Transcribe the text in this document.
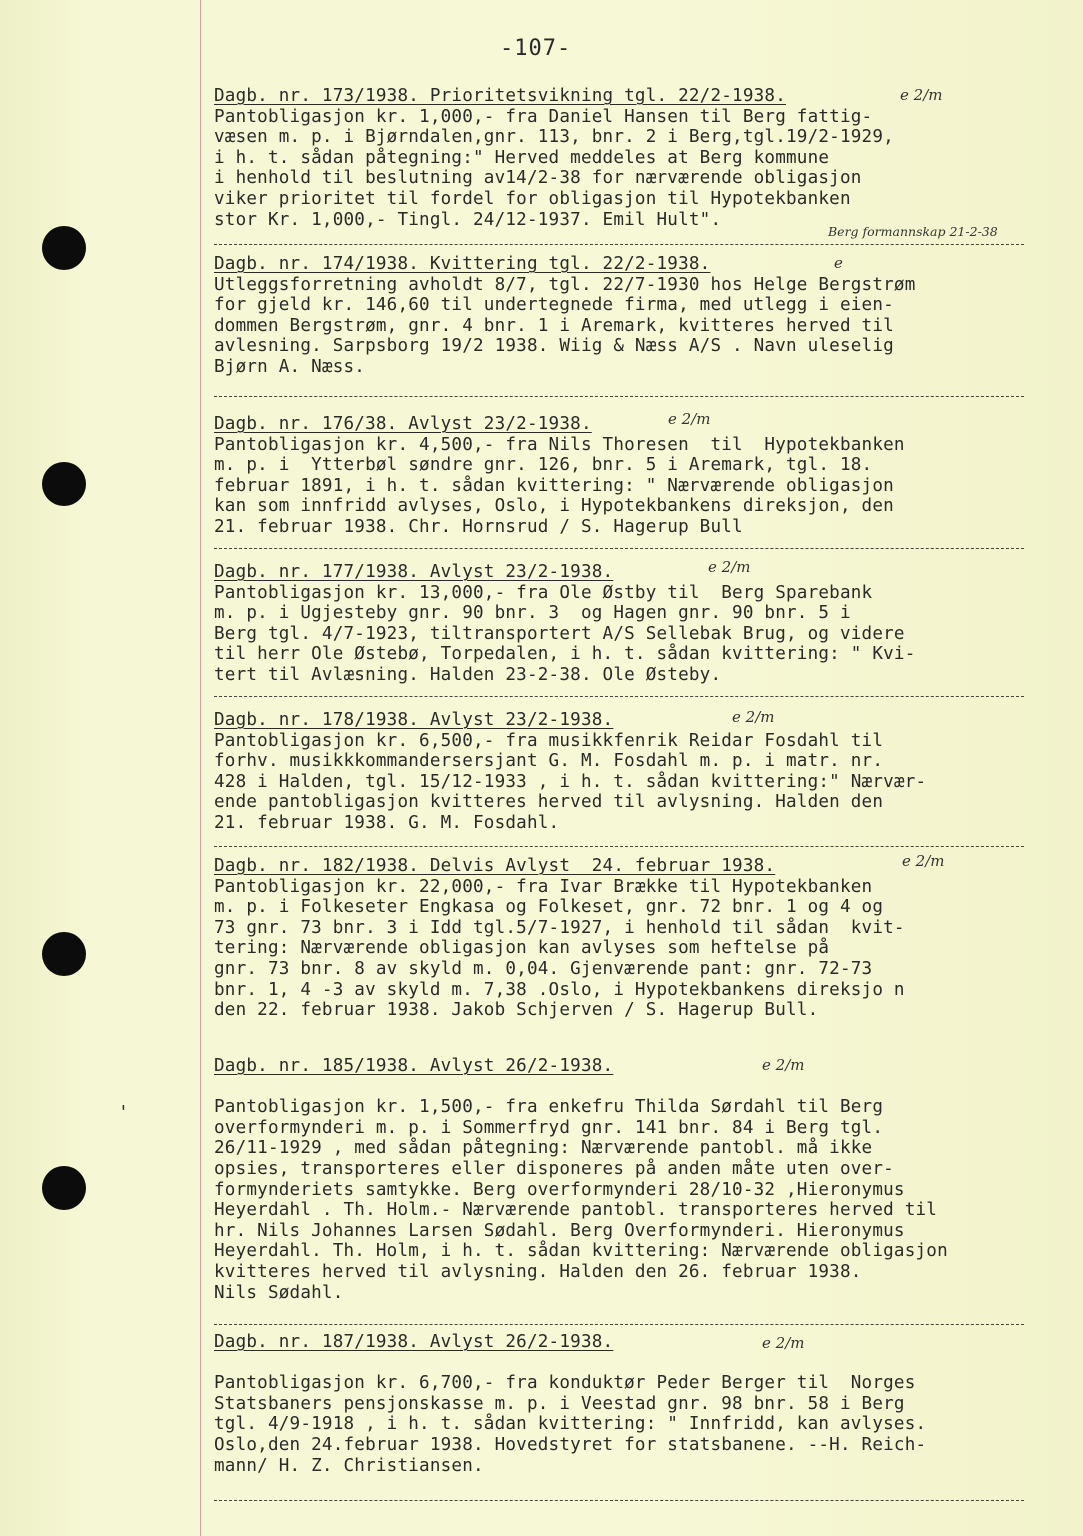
-107-
Dagb. nr. 173/1938. Prioritetsvikning tgl. 22/2-1938.
Pantobligasjon kr. 1,000,- fra Daniel Hansen til Berg fattig-
væsen m. p. i Bjørndalen,gnr. 113, bnr. 2 i Berg,tgl.19/2-1929,
i h. t. sådan påtegning:" Herved meddeles at Berg kommune
i henhold til beslutning av14/2-38 for nærværende obligasjon
viker prioritet til fordel for obligasjon til Hypotekbanken
stor Kr. 1,000,- Tingl. 24/12-1937. Emil Hult".
e 2/m
Berg formannskap 21-2-38
Dagb. nr. 174/1938. Kvittering tgl. 22/2-1938.
Utleggsforretning avholdt 8/7, tgl. 22/7-1930 hos Helge Bergstrøm
for gjeld kr. 146,60 til undertegnede firma, med utlegg i eien-
dommen Bergstrøm, gnr. 4 bnr. 1 i Aremark, kvitteres herved til
avlesning. Sarpsborg 19/2 1938. Wiig & Næss A/S . Navn uleselig
Bjørn A. Næss.
e
Dagb. nr. 176/38. Avlyst 23/2-1938.
Pantobligasjon kr. 4,500,- fra Nils Thoresen  til  Hypotekbanken
m. p. i  Ytterbøl søndre gnr. 126, bnr. 5 i Aremark, tgl. 18.
februar 1891, i h. t. sådan kvittering: " Nærværende obligasjon
kan som innfridd avlyses, Oslo, i Hypotekbankens direksjon, den
21. februar 1938. Chr. Hornsrud / S. Hagerup Bull
e 2/m
Dagb. nr. 177/1938. Avlyst 23/2-1938.
Pantobligasjon kr. 13,000,- fra Ole Østby til  Berg Sparebank
m. p. i Ugjesteby gnr. 90 bnr. 3  og Hagen gnr. 90 bnr. 5 i
Berg tgl. 4/7-1923, tiltransportert A/S Sellebak Brug, og videre
til herr Ole Østebø, Torpedalen, i h. t. sådan kvittering: " Kvi-
tert til Avlæsning. Halden 23-2-38. Ole Østeby.
e 2/m
Dagb. nr. 178/1938. Avlyst 23/2-1938.
Pantobligasjon kr. 6,500,- fra musikkfenrik Reidar Fosdahl til
forhv. musikkkommandersersjant G. M. Fosdahl m. p. i matr. nr.
428 i Halden, tgl. 15/12-1933 , i h. t. sådan kvittering:" Nærvær-
ende pantobligasjon kvitteres herved til avlysning. Halden den
21. februar 1938. G. M. Fosdahl.
e 2/m
Dagb. nr. 182/1938. Delvis Avlyst  24. februar 1938.
Pantobligasjon kr. 22,000,- fra Ivar Brække til Hypotekbanken
m. p. i Folkeseter Engkasa og Folkeset, gnr. 72 bnr. 1 og 4 og
73 gnr. 73 bnr. 3 i Idd tgl.5/7-1927, i henhold til sådan  kvit-
tering: Nærværende obligasjon kan avlyses som heftelse på
gnr. 73 bnr. 8 av skyld m. 0,04. Gjenværende pant: gnr. 72-73
bnr. 1, 4 -3 av skyld m. 7,38 .Oslo, i Hypotekbankens direksjo n
den 22. februar 1938. Jakob Schjerven / S. Hagerup Bull.
e 2/m
Dagb. nr. 185/1938. Avlyst 26/2-1938.

Pantobligasjon kr. 1,500,- fra enkefru Thilda Sørdahl til Berg
overformynderi m. p. i Sommerfryd gnr. 141 bnr. 84 i Berg tgl.
26/11-1929 , med sådan påtegning: Nærværende pantobl. må ikke
opsies, transporteres eller disponeres på anden måte uten over-
formynderiets samtykke. Berg overformynderi 28/10-32 ,Hieronymus
Heyerdahl . Th. Holm.- Nærværende pantobl. transporteres herved til
hr. Nils Johannes Larsen Sødahl. Berg Overformynderi. Hieronymus
Heyerdahl. Th. Holm, i h. t. sådan kvittering: Nærværende obligasjon
kvitteres herved til avlysning. Halden den 26. februar 1938.
Nils Sødahl.
e 2/m
'
Dagb. nr. 187/1938. Avlyst 26/2-1938.

Pantobligasjon kr. 6,700,- fra konduktør Peder Berger til  Norges
Statsbaners pensjonskasse m. p. i Veestad gnr. 98 bnr. 58 i Berg
tgl. 4/9-1918 , i h. t. sådan kvittering: " Innfridd, kan avlyses.
Oslo,den 24.februar 1938. Hovedstyret for statsbanene. --H. Reich-
mann/ H. Z. Christiansen.
e 2/m
